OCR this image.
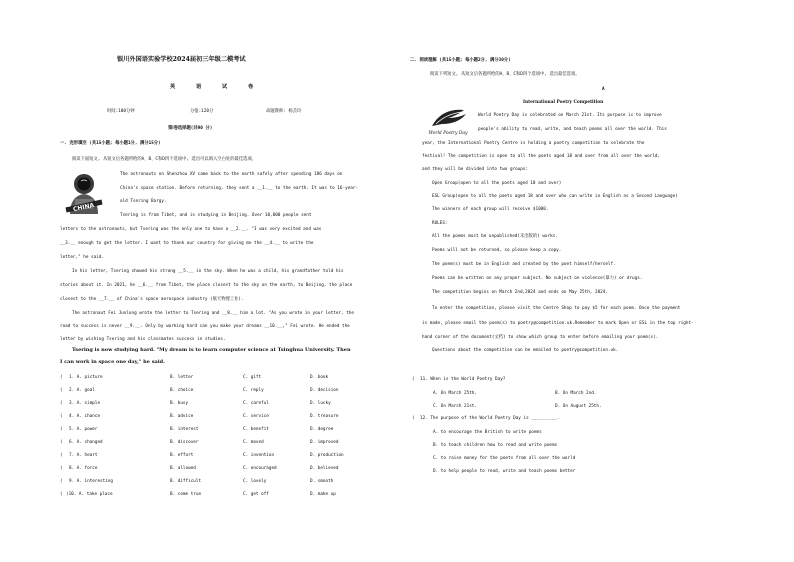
银川外国语实验学校2024届初三年级二模考试
英	语	试	卷
时间:100分钟	分值:120分	命题教师: 杨芸玲
第Ⅰ卷选择题(共90 分)
一. 完形填空 (共15小题; 每小题1分, 满分15分)
阅读下面短文, 从短文后各题所给的A、B、C和D四个选项中, 选出可以填入空白处的最佳选项。
CHINA
The astronauts on Shenzhou XV came back to the earth safely after spending 186 days on
China's space station. Before returning, they sent a __1.__ to the earth. It was to 16-year-
old Tsering Bargy.
Tsering is from Tibet, and is studying in Beijing. Over 10,000 people sent
letters to the astronauts, but Tsering was the only one to have a __2.__. "I was very excited and was
__3.__ enough to get the letter. I want to thank our country for giving me the __4.__ to write the
letter," he said.
In his letter, Tsering showed his strong __5.__ in the sky. When he was a child, his grandfather told his
stories about it. In 2021, he __6.__ from Tibet, the place closest to the sky on the earth, to Beijing, the place
closest to the __7.__ of China's space aerospace industry (航天物理工业).
The astronaut Fei Junlong wrote the letter to Tsering and __8.__ him a lot. "As you wrote in your letter, the
road to success is never __9.__. Only by working hard can you make your dreams __10.__," Fei wrote. He ended the
letter by wishing Tsering and his classmates success in studies.
Tsering is now studying hard. "My dream is to learn computer science at Tsinghua University. Then
I can work in space one day," he said.
( 1. A. picture	B. letter	C. gift	D. book
( 2. A. goal	B. choice	C. reply	D. decision
( 3. A. simple	B. busy	C. careful	D. lucky
( 4. A. chance	B. advice	C. service	D. treasure
( 5. A. power	B. interest	C. benefit	D. degree
( 6. A. changed	B. discover	C. moved	D. improved
( 7. A. heart	B. effort	C. invention	D. production
( 8. A. force	B. allowed	C. encouraged	D. believed
( 9. A. interesting	B. difficult	C. lovely	D. smooth
( )10. A. take place	B. come true	C. get off	D. make up
二. 阅读理解 (共15小题; 每小题2分, 满分30分)
阅读下列短文, 从短文后各题所给的A、B、C和D四个选项中, 选出最佳选项。
A
International Poetry Competition
World Poetry Day
World Poetry Day is celebrated on March 21st. Its purpose is to improve
people's ability to read, write, and teach poems all over the world. This
year, the International Poetry Centre is holding a poetry competition to celebrate the
festival! The competition is open to all the poets aged 18 and over from all over the world,
and they will be divided into two groups:
Open Group(open to all the poets aged 18 and over)
ESL Group(open to all the poets aged 18 and over who can write in English as a Second Language)
The winners of each group will receive $1000.
RULES:
All the poems must be unpublished(未出版的) works.
Poems will not be returned, so please keep a copy.
The poem(s) must be in English and created by the poet himself/herself.
Poems can be written on any proper subject. No subject on violence(暴力) or drugs.
The competition begins on March 2nd,2024 and ends on May 25th, 2024.
To enter the competition, please visit the Centre Shop to pay $5 for each poem. Once the payment
is made, please email the poem(s) to poetry@competition.uk.Remember to mark Open or ESL in the top right-
hand corner of the document(文档) to show which group to enter before emailing your poem(s).
Questions about the competition can be emailed to poetry@competition.uk.
( 11. When is the World Poetry Day?
A. On March 25th.	B. On March 2nd.
C. On March 21st.	D. On August 25th.
( 12. The purpose of the World Poetry Day is __________.
A. to encourage the British to write poems
B. to teach children how to read and write poems
C. to raise money for the poets from all over the world
D. to help people to read, write and teach poems better
